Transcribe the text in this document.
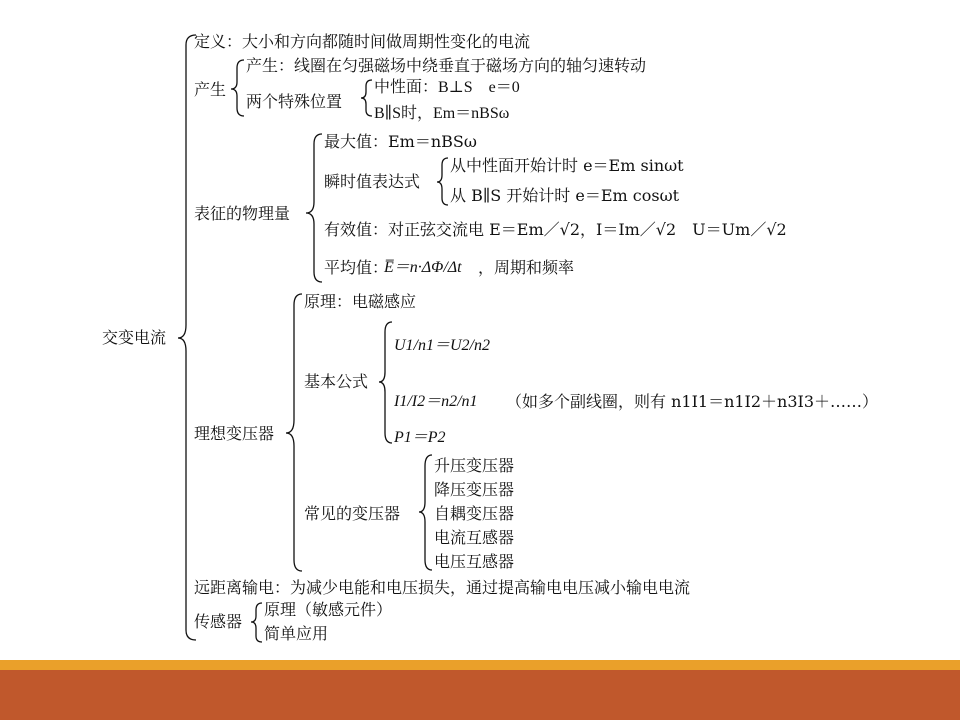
交变电流
定义：大小和方向都随时间做周期性变化的电流
产生
产生：线圈在匀强磁场中绕垂直于磁场方向的轴匀速转动
两个特殊位置
中性面：B⊥S　e＝0
B∥S时，Em＝nBSω
表征的物理量
最大值：Em＝nBSω
瞬时值表达式
从中性面开始计时 e＝Em sinωt
从 B∥S 开始计时 e＝Em cosωt
有效值：对正弦交流电 E＝Em／√2，I＝Im／√2　U＝Um／√2
平均值：
E̅＝n·ΔΦ/Δt ，周期和频率
理想变压器
原理：电磁感应
基本公式
U1/n1＝U2/n2
I1/I2＝n2/n1 （如多个副线圈，则有 n1I1＝n1I2＋n3I3＋……）
P1＝P2
常见的变压器
升压变压器
降压变压器
自耦变压器
电流互感器
电压互感器
远距离输电：为减少电能和电压损失，通过提高输电电压减小输电电流
传感器
原理（敏感元件）
简单应用
